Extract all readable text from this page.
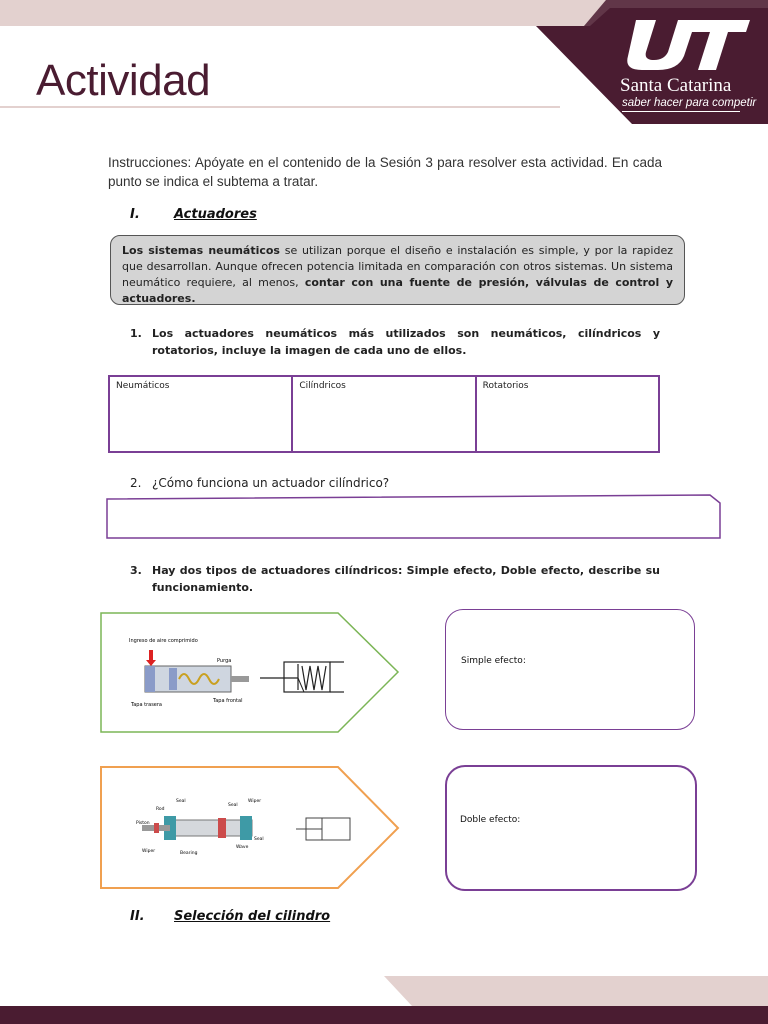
Santa Catarina
saber hacer para competir
Actividad
Instrucciones: Apóyate en el contenido de la Sesión 3 para resolver esta actividad. En cada punto se indica el subtema a tratar.
I.	Actuadores
Los sistemas neumáticos se utilizan porque el diseño e instalación es simple, y por la rapidez que desarrollan. Aunque ofrecen potencia limitada en comparación con otros sistemas. Un sistema neumático requiere, al menos, contar con una fuente de presión, válvulas de control y actuadores.
1. Los actuadores neumáticos más utilizados son neumáticos, cilíndricos y rotatorios, incluye la imagen de cada uno de ellos.
Neumáticos	Cilíndricos	Rotatorios
2. ¿Cómo funciona un actuador cilíndrico?
3. Hay dos tipos de actuadores cilíndricos: Simple efecto, Doble efecto, describe su funcionamiento.
Ingreso de aire comprimido
Purga
Tapa trasera
Tapa frontal
Simple efecto:
Seal
Rod
Piston
Wiper	Bearing
Seal
Wiper
Wave
Seal
Doble efecto:
II. Selección del cilindro
